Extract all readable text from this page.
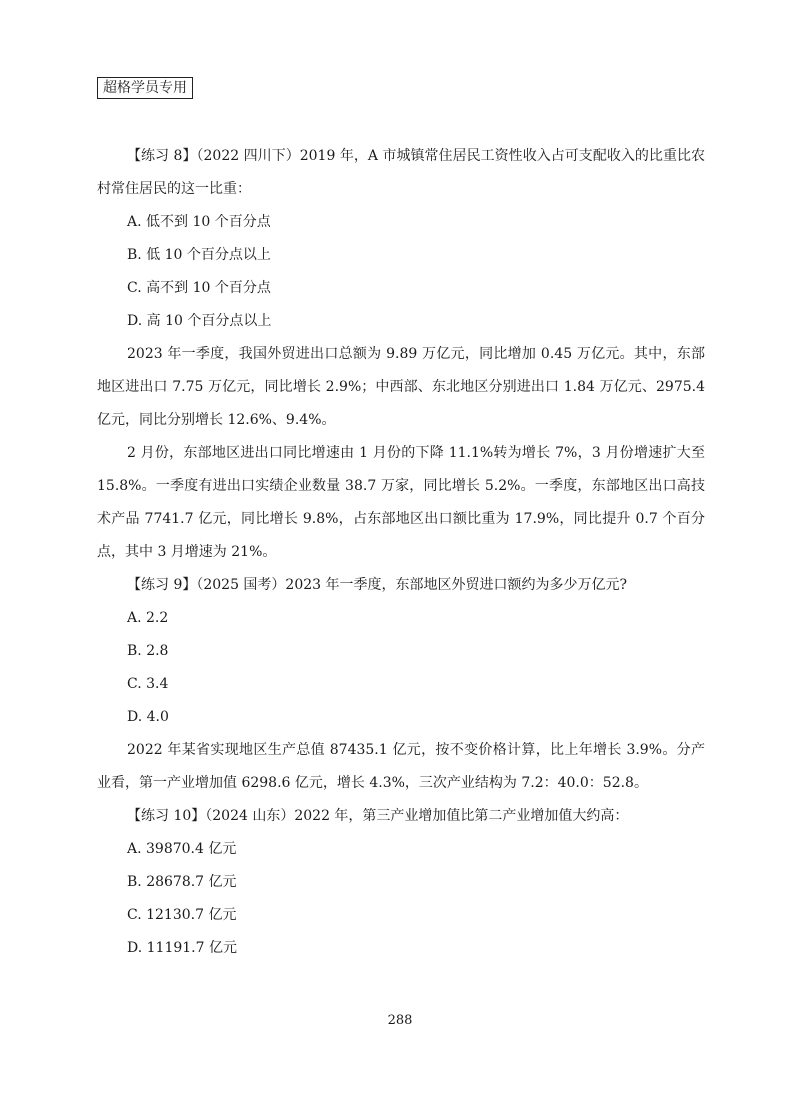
超格学员专用

【练习 8】（2022 四川下）2019 年，A 市城镇常住居民工资性收入占可支配收入的比重比农村常住居民的这一比重：

A. 低不到 10 个百分点

B. 低 10 个百分点以上

C. 高不到 10 个百分点

D. 高 10 个百分点以上

2023 年一季度，我国外贸进出口总额为 9.89 万亿元，同比增加 0.45 万亿元。其中，东部地区进出口 7.75 万亿元，同比增长 2.9%；中西部、东北地区分别进出口 1.84 万亿元、2975.4 亿元，同比分别增长 12.6%、9.4%。

2 月份，东部地区进出口同比增速由 1 月份的下降 11.1%转为增长 7%，3 月份增速扩大至 15.8%。一季度有进出口实绩企业数量 38.7 万家，同比增长 5.2%。一季度，东部地区出口高技术产品 7741.7 亿元，同比增长 9.8%，占东部地区出口额比重为 17.9%，同比提升 0.7 个百分点，其中 3 月增速为 21%。

【练习 9】（2025 国考）2023 年一季度，东部地区外贸进口额约为多少万亿元?

A. 2.2

B. 2.8

C. 3.4

D. 4.0

2022 年某省实现地区生产总值 87435.1 亿元，按不变价格计算，比上年增长 3.9%。分产业看，第一产业增加值 6298.6 亿元，增长 4.3%，三次产业结构为 7.2：40.0：52.8。

【练习 10】（2024 山东）2022 年，第三产业增加值比第二产业增加值大约高：

A. 39870.4 亿元

B. 28678.7 亿元

C. 12130.7 亿元

D. 11191.7 亿元

288
